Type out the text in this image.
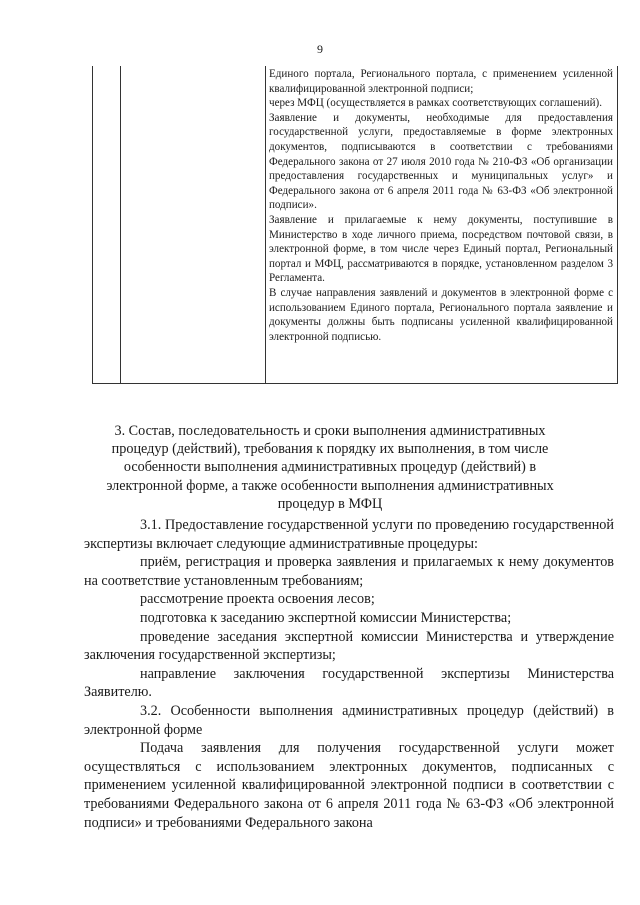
9

Единого портала, Регионального портала, с применением усиленной квалифицированной электронной подписи;

через МФЦ (осуществляется в рамках соответствующих соглашений).

Заявление и документы, необходимые для предоставления государственной услуги, предоставляемые в форме электронных документов, подписываются в соответствии с требованиями Федерального закона от 27 июля 2010 года № 210-ФЗ «Об организации предоставления государственных и муниципальных услуг» и Федерального закона от 6 апреля 2011 года № 63-ФЗ «Об электронной подписи».

Заявление и прилагаемые к нему документы, поступившие в Министерство в ходе личного приема, посредством почтовой связи, в электронной форме, в том числе через Единый портал, Региональный портал и МФЦ, рассматриваются в порядке, установленном разделом 3 Регламента.

В случае направления заявлений и документов в электронной форме с использованием Единого портала, Регионального портала заявление и документы должны быть подписаны усиленной квалифицированной электронной подписью.

3. Состав, последовательность и сроки выполнения административных
процедур (действий), требования к порядку их выполнения, в том числе
особенности выполнения административных процедур (действий) в
электронной форме, а также особенности выполнения административных
процедур в МФЦ

3.1. Предоставление государственной услуги по проведению государственной экспертизы включает следующие административные процедуры:

приём, регистрация и проверка заявления и прилагаемых к нему документов на соответствие установленным требованиям;

рассмотрение проекта освоения лесов;

подготовка к заседанию экспертной комиссии Министерства;

проведение заседания экспертной комиссии Министерства и утверждение заключения государственной экспертизы;

направление заключения государственной экспертизы Министерства Заявителю.

3.2. Особенности выполнения административных процедур (действий) в электронной форме

Подача заявления для получения государственной услуги может осуществляться с использованием электронных документов, подписанных с применением усиленной квалифицированной электронной подписи в соответствии с требованиями Федерального закона от 6 апреля 2011 года № 63-ФЗ «Об электронной подписи» и требованиями Федерального закона
